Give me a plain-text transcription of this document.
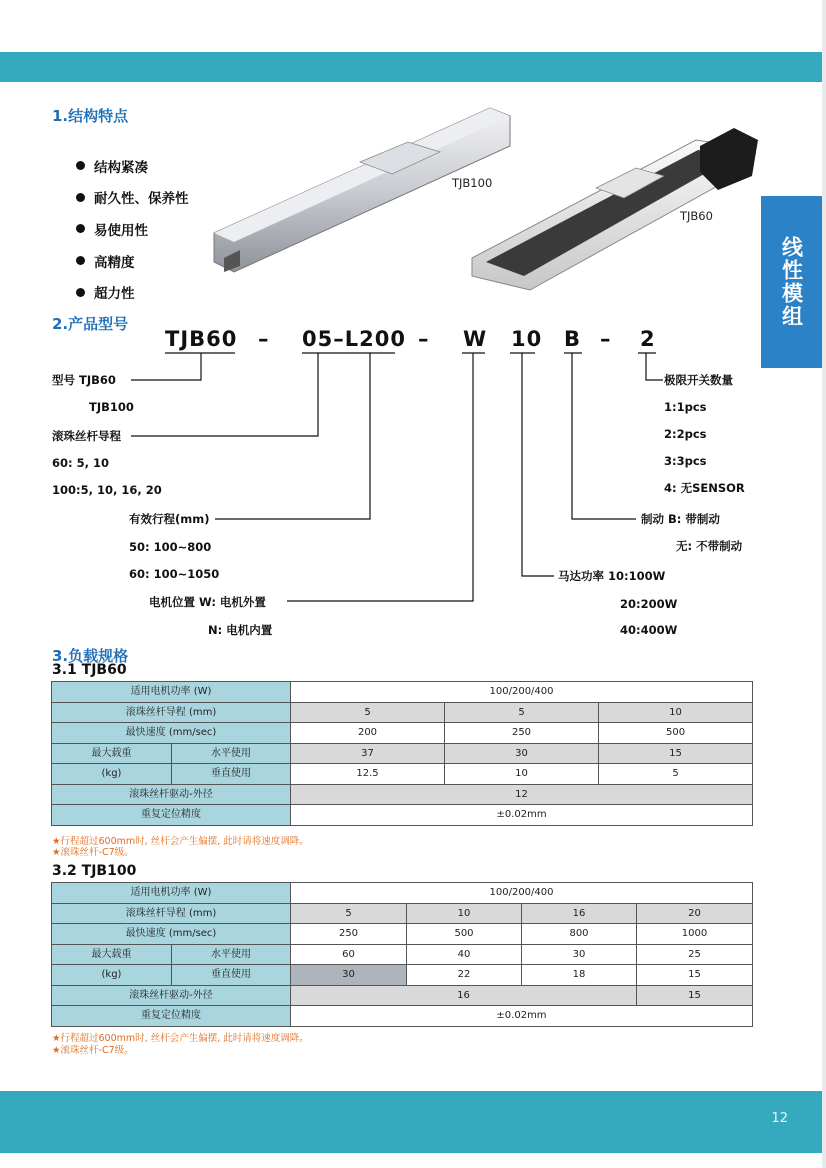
线性模组
1.结构特点
结构紧凑
耐久性、保养性
易使用性
高精度
超力性
TJB100
TJB60
2.产品型号
TJB60 – 05–L200 – W 10 B – 2
型号 TJB60
TJB100
滚珠丝杆导程
60: 5, 10
100:5, 10, 16, 20
有效行程(mm)
50: 100~800
60: 100~1050
电机位置 W: 电机外置
N: 电机内置
极限开关数量
1:1pcs
2:2pcs
3:3pcs
4: 无SENSOR
制动 B: 带制动
无: 不带制动
马达功率 10:100W
20:200W
40:400W
3.负载规格
3.1 TJB60
适用电机功率 (W)		100/200/400		
滚珠丝杆导程 (mm)		5	5	10
最快速度 (mm/sec)		200	250	500
最大载重	水平使用	37	30	15
(kg)	垂直使用	12.5	10	5
滚珠丝杆驱动-外径		12		
重复定位精度		±0.02mm		
★行程超过600mm时, 丝杆会产生偏摆, 此时请将速度调降。
★滚珠丝杆-C7级。
3.2 TJB100
适用电机功率 (W)		100/200/400			
滚珠丝杆导程 (mm)		5	10	16	20
最快速度 (mm/sec)		250	500	800	1000
最大载重	水平使用	60	40	30	25
(kg)	垂直使用	30	22	18	15
滚珠丝杆驱动-外径		16			15
重复定位精度		±0.02mm			
★行程超过600mm时, 丝杆会产生偏摆, 此时请将速度调降。
★滚珠丝杆-C7级。
12
